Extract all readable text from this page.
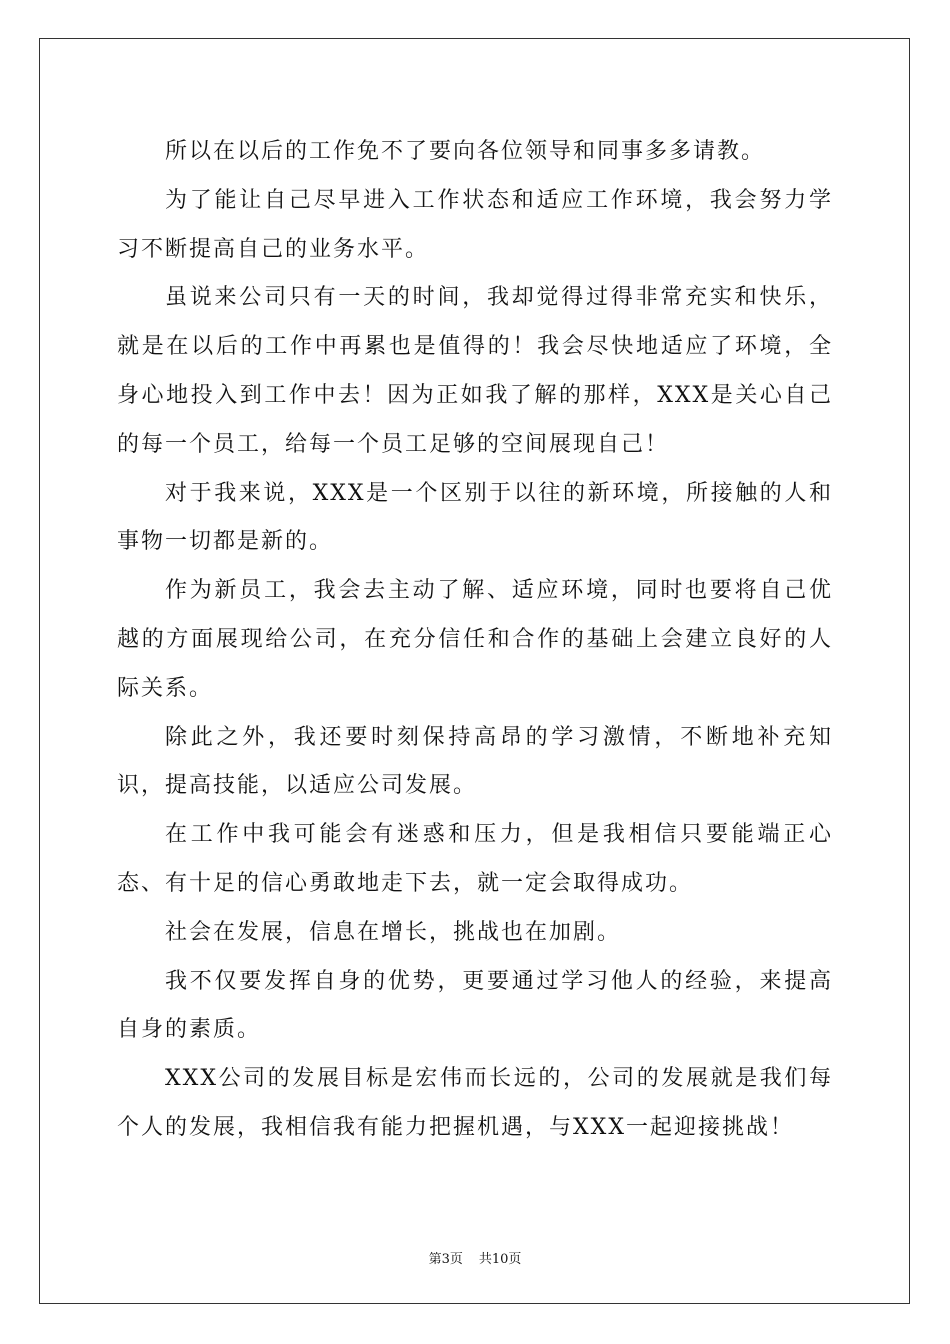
所以在以后的工作免不了要向各位领导和同事多多请教。

为了能让自己尽早进入工作状态和适应工作环境，我会努力学习不断提高自己的业务水平。

虽说来公司只有一天的时间，我却觉得过得非常充实和快乐，就是在以后的工作中再累也是值得的！我会尽快地适应了环境，全身心地投入到工作中去！因为正如我了解的那样，XXX是关心自己的每一个员工，给每一个员工足够的空间展现自己！

对于我来说，XXX是一个区别于以往的新环境，所接触的人和事物一切都是新的。

作为新员工，我会去主动了解、适应环境，同时也要将自己优越的方面展现给公司，在充分信任和合作的基础上会建立良好的人际关系。

除此之外，我还要时刻保持高昂的学习激情，不断地补充知识，提高技能，以适应公司发展。

在工作中我可能会有迷惑和压力，但是我相信只要能端正心态、有十足的信心勇敢地走下去，就一定会取得成功。

社会在发展，信息在增长，挑战也在加剧。

我不仅要发挥自身的优势，更要通过学习他人的经验，来提高自身的素质。

XXX公司的发展目标是宏伟而长远的，公司的发展就是我们每个人的发展，我相信我有能力把握机遇，与XXX一起迎接挑战！

第3页 共10页
